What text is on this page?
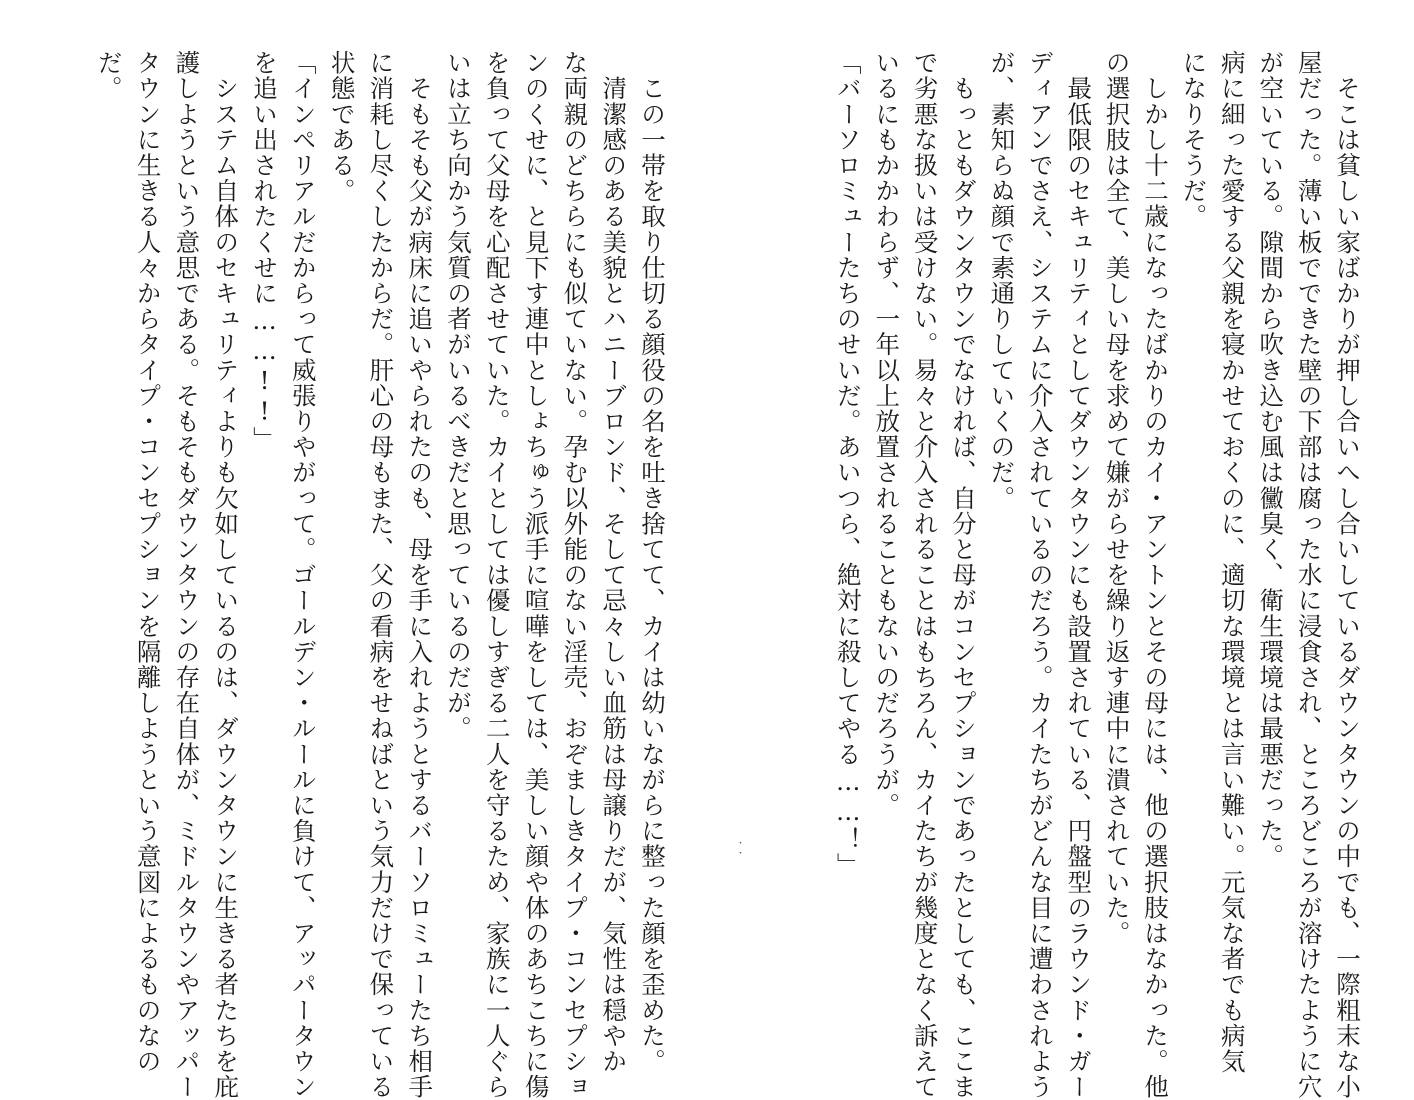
　そこは貧しい家ばかりが押し合いへし合いしているダウンタウンの中でも、一際粗末な小
屋だった。薄い板でできた壁の下部は腐った水に浸食され、ところどころが溶けたように穴
が空いている。隙間から吹き込む風は黴臭く、衛生環境は最悪だった。
病に細った愛する父親を寝かせておくのに、適切な環境とは言い難い。元気な者でも病気
になりそうだ。
　しかし十二歳になったばかりのカイ・アントンとその母には、他の選択肢はなかった。他
の選択肢は全て、美しい母を求めて嫌がらせを繰り返す連中に潰されていた。
　最低限のセキュリティとしてダウンタウンにも設置されている、円盤型のラウンド・ガー
ディアンでさえ、システムに介入されているのだろう。カイたちがどんな目に遭わされよう
が、素知らぬ顔で素通りしていくのだ。
　もっともダウンタウンでなければ、自分と母がコンセプションであったとしても、ここま
で劣悪な扱いは受けない。易々と介入されることはもちろん、カイたちが幾度となく訴えて
いるにもかかわらず、一年以上放置されることもないのだろうが。
「バーソロミューたちのせいだ。あいつら、絶対に殺してやる……！」
　この一帯を取り仕切る顔役の名を吐き捨てて、カイは幼いながらに整った顔を歪めた。
　清潔感のある美貌とハニーブロンド、そして忌々しい血筋は母譲りだが、気性は穏やか
な両親のどちらにも似ていない。孕む以外能のない淫売、おぞましきタイプ・コンセプショ
ンのくせに、と見下す連中としょちゅう派手に喧嘩をしては、美しい顔や体のあちこちに傷
を負って父母を心配させていた。カイとしては優しすぎる二人を守るため、家族に一人ぐら
いは立ち向かう気質の者がいるべきだと思っているのだが。
　そもそも父が病床に追いやられたのも、母を手に入れようとするバーソロミューたち相手
に消耗し尽くしたからだ。肝心の母もまた、父の看病をせねばという気力だけで保っている
状態である。
「インペリアルだからって威張りやがって。ゴールデン・ルールに負けて、アッパータウン
を追い出されたくせに……!!」
　システム自体のセキュリティよりも欠如しているのは、ダウンタウンに生きる者たちを庇
護しようという意思である。そもそもダウンタウンの存在自体が、ミドルタウンやアッパー
タウンに生きる人々からタイプ・コンセプションを隔離しようという意図によるものなの
だ。
・・
